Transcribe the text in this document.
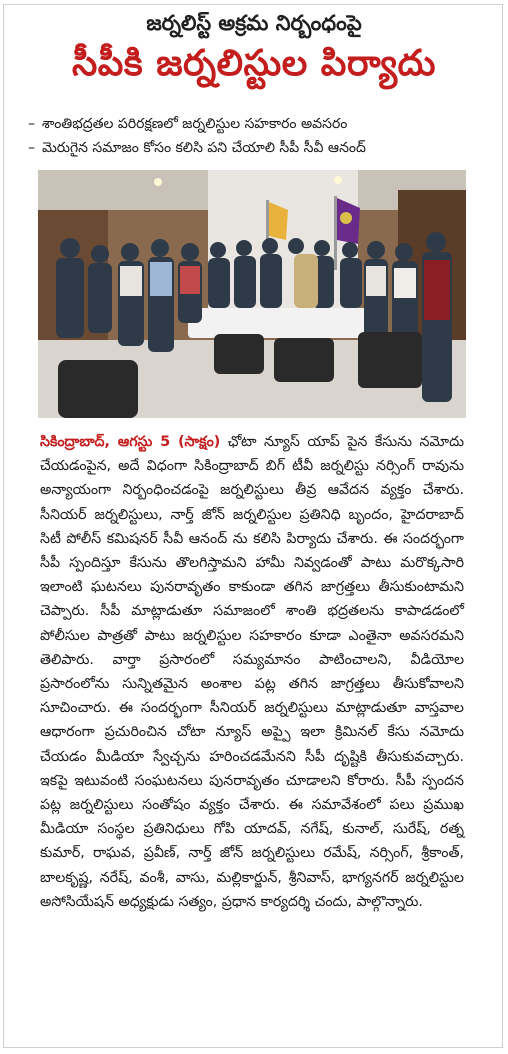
జర్నలిస్ట్ అక్రమ నిర్బంధంపై
సీపీకి జర్నలిస్టుల పిర్యాదు
– శాంతిభద్రతల పరిరక్షణలో జర్నలిస్టుల సహకారం అవసరం
– మెరుగైన సమాజం కోసం కలిసి పని చేయాలి సీపీ సీవీ ఆనంద్
సికింద్రాబాద్, ఆగస్టు 5 (సాక్షం) ఛోటా న్యూస్ యాప్ పైన కేసును నమోదు చేయడంపైన, అదే విధంగా సికింద్రాబాద్ బిగ్ టీవీ జర్నలిస్టు నర్సింగ్ రావును అన్యాయంగా నిర్బంధించడంపై జర్నలిస్టులు తీవ్ర ఆవేదన వ్యక్తం చేశారు. సీనియర్ జర్నలిస్టులు, నార్త్ జోన్ జర్నలిస్టుల ప్రతినిధి బృందం, హైదరాబాద్ సిటీ పోలీస్ కమిషనర్ సీవీ ఆనంద్ ను కలిసి పిర్యాదు చేశారు. ఈ సందర్భంగా సీపీ స్పందిస్తూ కేసును తొలగిస్తామని హామీ నివ్వడంతో పాటు మరొక్కసారి ఇలాంటి ఘటనలు పునరావృతం కాకుండా తగిన జాగ్రత్తలు తీసుకుంటామని చెప్పారు. సీపీ మాట్లాడుతూ సమాజంలో శాంతి భద్రతలను కాపాడడంలో పోలీసుల పాత్రతో పాటు జర్నలిస్టుల సహకారం కూడా ఎంతైనా అవసరమని తెలిపారు. వార్తా ప్రసారంలో సమ్యమానం పాటించాలని, వీడియోల ప్రసారంలోను సున్నితమైన అంశాల పట్ల తగిన జాగ్రత్తలు తీసుకోవాలని సూచించారు. ఈ సందర్భంగా సీనియర్ జర్నలిస్టులు మాట్లాడుతూ వాస్తవాల ఆధారంగా ప్రచురించిన చోటా న్యూస్ అప్పై ఇలా క్రిమినల్ కేసు నమోదు చేయడం మీడియా స్వేచ్చను హరించడమేనని సీపీ దృష్టికి తీసుకువచ్చారు. ఇకపై ఇటువంటి సంఘటనలు పునరావృతం చూడాలని కోరారు. సీపీ స్పందన పట్ల జర్నలిస్టులు సంతోషం వ్యక్తం చేశారు. ఈ సమావేశంలో పలు ప్రముఖ మీడియా సంస్థల ప్రతినిధులు గోపి యాదవ్, నగేష్, కునాల్, సురేష్, రత్న కుమార్, రాఘవ, ప్రవీణ్, నార్త్ జోన్ జర్నలిస్టులు రమేష్, నర్సింగ్, శ్రీకాంత్, బాలకృష్ణ, నరేష్, వంశీ, వాసు, మల్లికార్జున్, శ్రీనివాస్, భాగ్యనగర్ జర్నలిస్టుల అసోసియేషన్ అధ్యక్షుడు సత్యం, ప్రధాన కార్యదర్శి చందు, పాల్గొన్నారు.
